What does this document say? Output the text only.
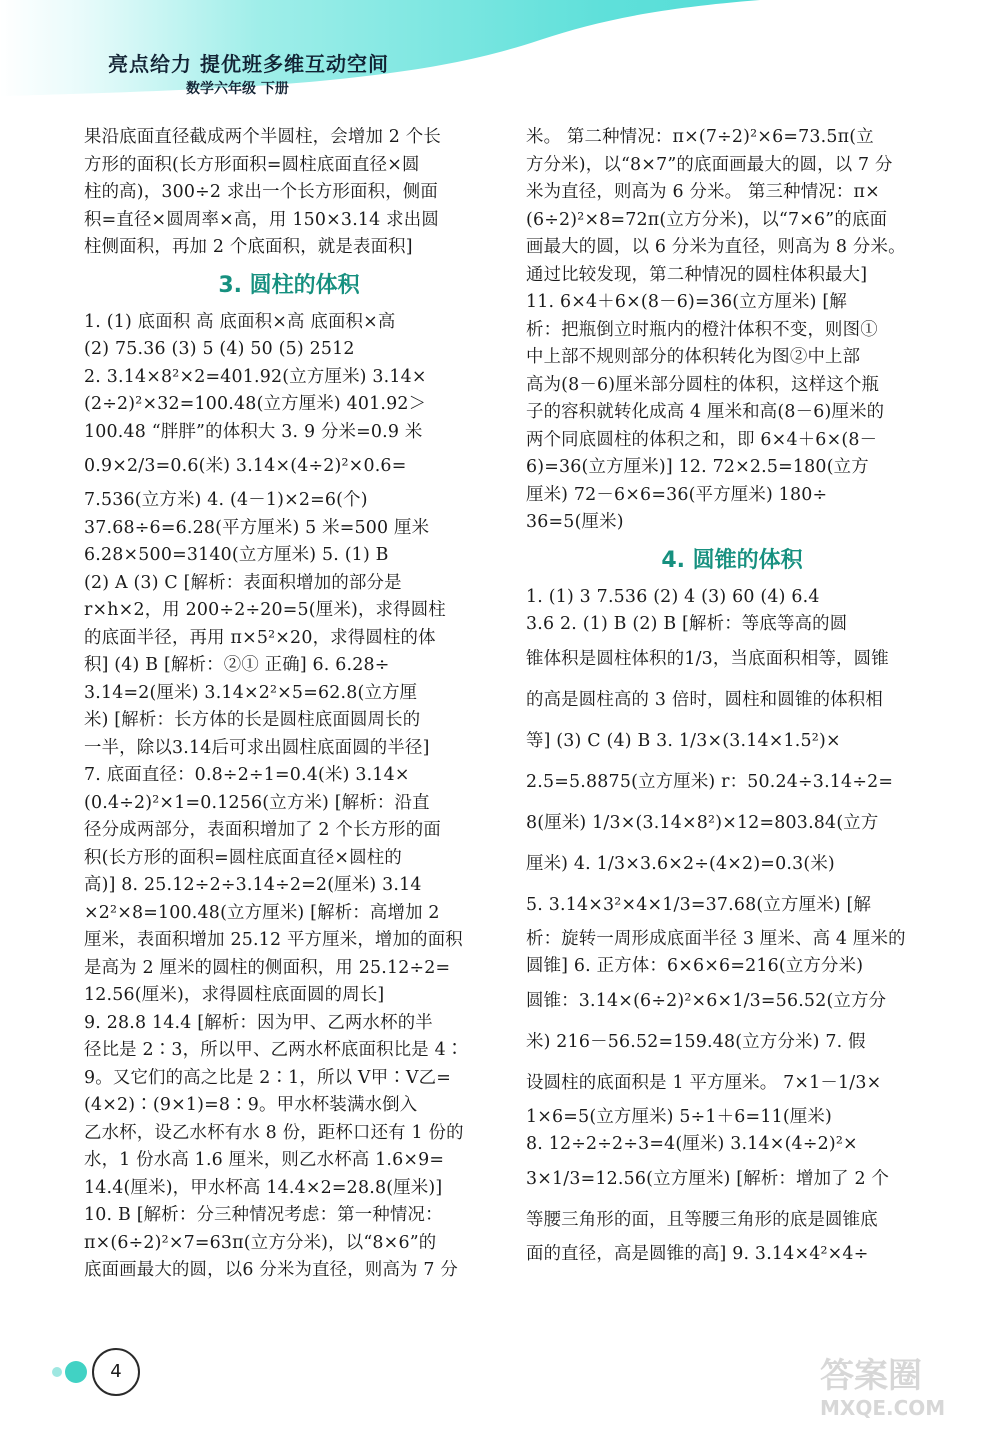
亮点给力 提优班多维互动空间
数学六年级 下册
果沿底面直径截成两个半圆柱，会增加 2 个长
方形的面积(长方形面积=圆柱底面直径×圆
柱的高)，300÷2 求出一个长方形面积，侧面
积=直径×圆周率×高，用 150×3.14 求出圆
柱侧面积，再加 2 个底面积，就是表面积]
3. 圆柱的体积
1. (1) 底面积 高 底面积×高 底面积×高
(2) 75.36 (3) 5 (4) 50 (5) 2512
2. 3.14×8²×2=401.92(立方厘米) 3.14×
(2÷2)²×32=100.48(立方厘米) 401.92＞
100.48 “胖胖”的体积大 3. 9 分米=0.9 米
0.9×2/3=0.6(米) 3.14×(4÷2)²×0.6=
7.536(立方米) 4. (4－1)×2=6(个)
37.68÷6=6.28(平方厘米) 5 米=500 厘米
6.28×500=3140(立方厘米) 5. (1) B
(2) A (3) C [解析：表面积增加的部分是
r×h×2，用 200÷2÷20=5(厘米)，求得圆柱
的底面半径，再用 π×5²×20，求得圆柱的体
积] (4) B [解析：②① 正确] 6. 6.28÷
3.14=2(厘米) 3.14×2²×5=62.8(立方厘
米) [解析：长方体的长是圆柱底面圆周长的
一半，除以3.14后可求出圆柱底面圆的半径]
7. 底面直径：0.8÷2÷1=0.4(米) 3.14×
(0.4÷2)²×1=0.1256(立方米) [解析：沿直
径分成两部分，表面积增加了 2 个长方形的面
积(长方形的面积=圆柱底面直径×圆柱的
高)] 8. 25.12÷2÷3.14÷2=2(厘米) 3.14
×2²×8=100.48(立方厘米) [解析：高增加 2
厘米，表面积增加 25.12 平方厘米，增加的面积
是高为 2 厘米的圆柱的侧面积，用 25.12÷2=
12.56(厘米)，求得圆柱底面圆的周长]
9. 28.8 14.4 [解析：因为甲、乙两水杯的半
径比是 2∶3，所以甲、乙两水杯底面积比是 4∶
9。又它们的高之比是 2∶1，所以 V甲∶V乙=
(4×2)∶(9×1)=8∶9。甲水杯装满水倒入
乙水杯，设乙水杯有水 8 份，距杯口还有 1 份的
水，1 份水高 1.6 厘米，则乙水杯高 1.6×9=
14.4(厘米)，甲水杯高 14.4×2=28.8(厘米)]
10. B [解析：分三种情况考虑：第一种情况：
π×(6÷2)²×7=63π(立方分米)，以“8×6”的
底面画最大的圆，以6 分米为直径，则高为 7 分
米。 第二种情况：π×(7÷2)²×6=73.5π(立
方分米)，以“8×7”的底面画最大的圆，以 7 分
米为直径，则高为 6 分米。 第三种情况：π×
(6÷2)²×8=72π(立方分米)，以“7×6”的底面
画最大的圆，以 6 分米为直径，则高为 8 分米。
通过比较发现，第二种情况的圆柱体积最大]
11. 6×4＋6×(8－6)=36(立方厘米) [解
析：把瓶倒立时瓶内的橙汁体积不变，则图①
中上部不规则部分的体积转化为图②中上部
高为(8－6)厘米部分圆柱的体积，这样这个瓶
子的容积就转化成高 4 厘米和高(8－6)厘米的
两个同底圆柱的体积之和，即 6×4＋6×(8－
6)=36(立方厘米)] 12. 72×2.5=180(立方
厘米) 72－6×6=36(平方厘米) 180÷
36=5(厘米)
4. 圆锥的体积
1. (1) 3 7.536 (2) 4 (3) 60 (4) 6.4
3.6 2. (1) B (2) B [解析：等底等高的圆
锥体积是圆柱体积的1/3，当底面积相等，圆锥
的高是圆柱高的 3 倍时，圆柱和圆锥的体积相
等] (3) C (4) B 3. 1/3×(3.14×1.5²)×
2.5=5.8875(立方厘米) r：50.24÷3.14÷2=
8(厘米) 1/3×(3.14×8²)×12=803.84(立方
厘米) 4. 1/3×3.6×2÷(4×2)=0.3(米)
5. 3.14×3²×4×1/3=37.68(立方厘米) [解
析：旋转一周形成底面半径 3 厘米、高 4 厘米的
圆锥] 6. 正方体：6×6×6=216(立方分米)
圆锥：3.14×(6÷2)²×6×1/3=56.52(立方分
米) 216－56.52=159.48(立方分米) 7. 假
设圆柱的底面积是 1 平方厘米。 7×1－1/3×
1×6=5(立方厘米) 5÷1＋6=11(厘米)
8. 12÷2÷2÷3=4(厘米) 3.14×(4÷2)²×
3×1/3=12.56(立方厘米) [解析：增加了 2 个
等腰三角形的面，且等腰三角形的底是圆锥底
面的直径，高是圆锥的高] 9. 3.14×4²×4÷
4	答案圈
MXQE.COM
